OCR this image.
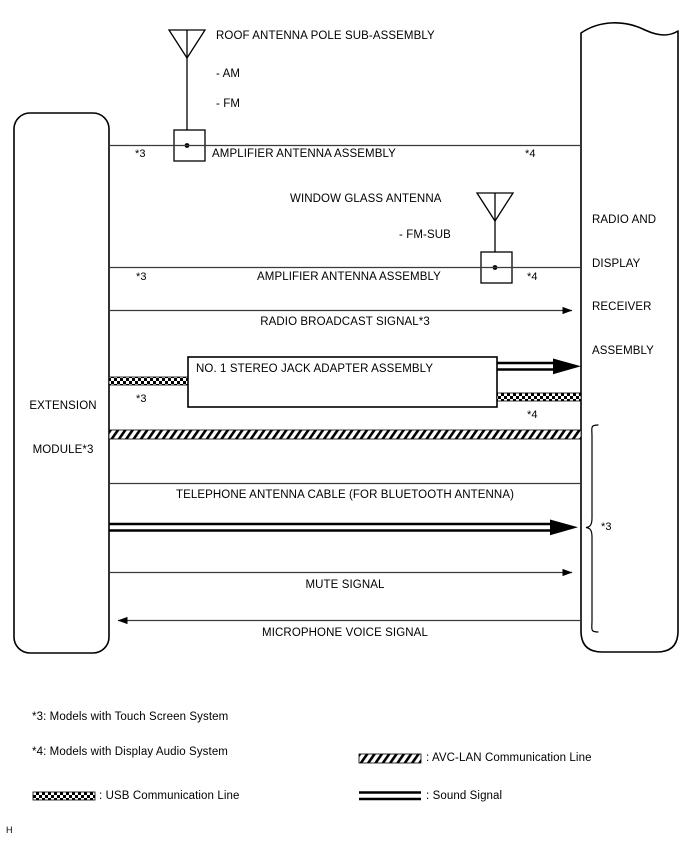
EXTENSION

MODULE*3

RADIO AND

DISPLAY

RECEIVER

ASSEMBLY

ROOF ANTENNA POLE SUB-ASSEMBLY
- AM
- FM
*3	AMPLIFIER ANTENNA ASSEMBLY	*4
WINDOW GLASS ANTENNA
- FM-SUB
*3	AMPLIFIER ANTENNA ASSEMBLY	*4
RADIO BROADCAST SIGNAL*3
NO. 1 STEREO JACK ADAPTER ASSEMBLY
*3
*4
TELEPHONE ANTENNA CABLE (FOR BLUETOOTH ANTENNA)
*3
MUTE SIGNAL
MICROPHONE VOICE SIGNAL
*3: Models with Touch Screen System
*4: Models with Display Audio System
: USB Communication Line
: AVC-LAN Communication Line
: Sound Signal
H
